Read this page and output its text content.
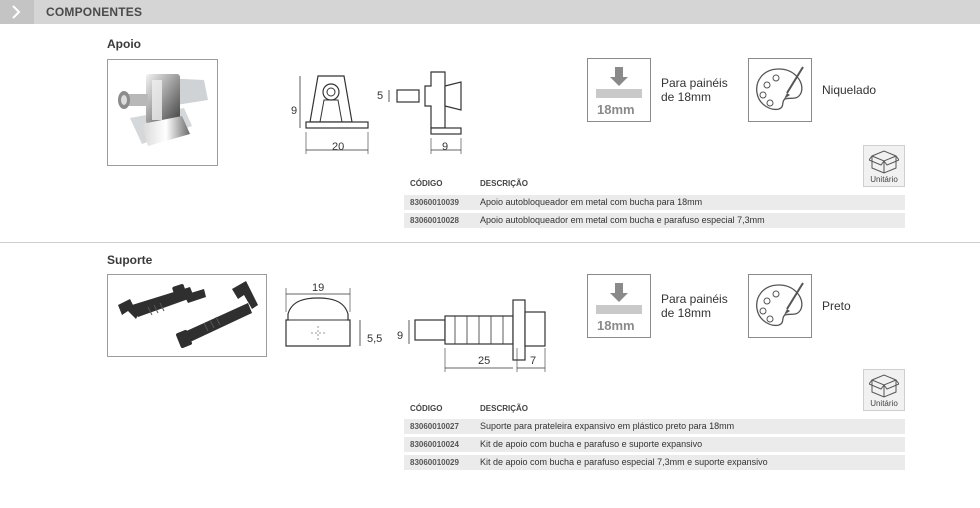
COMPONENTES
Apoio
9
20
5
9
18mm
Para painéis
de 18mm	Niquelado
Unitário
CÓDIGO	DESCRIÇÃO
83060010039 Apoio autobloqueador em metal com bucha para 18mm
83060010028 Apoio autobloqueador em metal com bucha e parafuso especial 7,3mm
Suporte
19
5,5 9
25	7
18mm
Para painéis
de 18mm	Preto
Unitário
CÓDIGO	DESCRIÇÃO
83060010027 Suporte para prateleira expansivo em plástico preto para 18mm
83060010024 Kit de apoio com bucha e parafuso e suporte expansivo
83060010029 Kit de apoio com bucha e parafuso especial 7,3mm e suporte expansivo
